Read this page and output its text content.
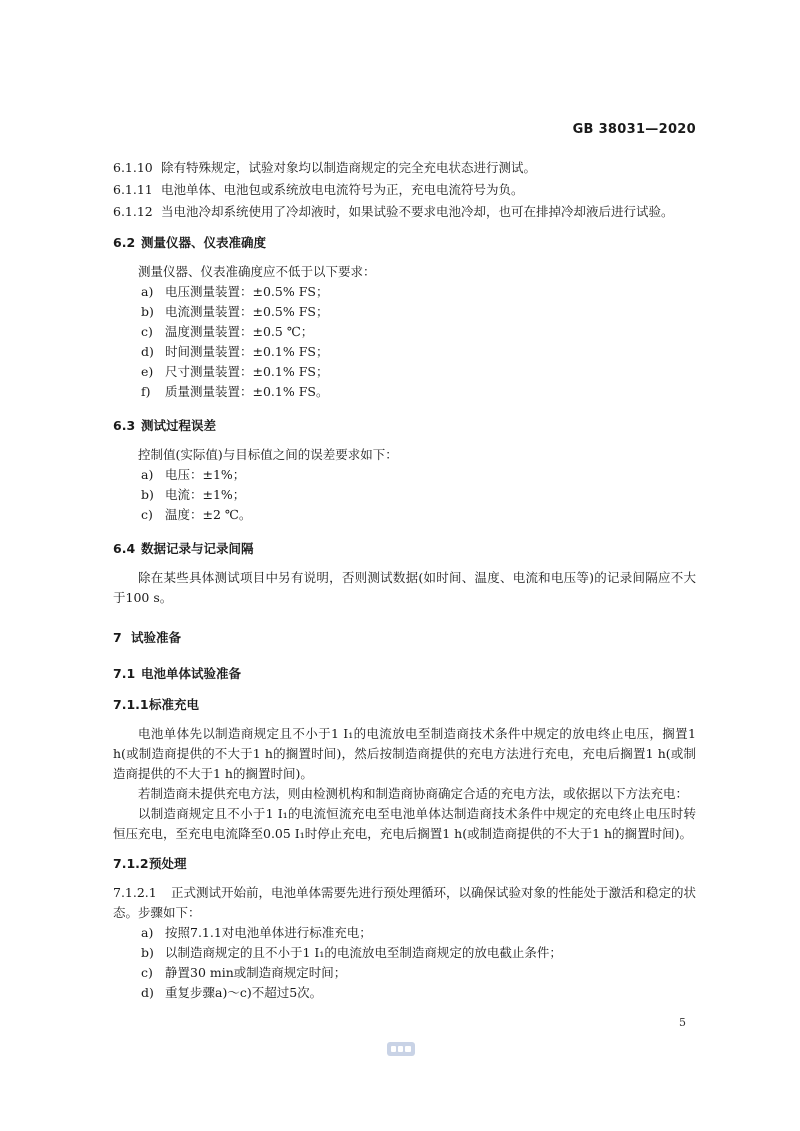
GB 38031—2020
6.1.10 除有特殊规定，试验对象均以制造商规定的完全充电状态进行测试。
6.1.11 电池单体、电池包或系统放电电流符号为正，充电电流符号为负。
6.1.12 当电池冷却系统使用了冷却液时，如果试验不要求电池冷却，也可在排掉冷却液后进行试验。
6.2 测量仪器、仪表准确度

测量仪器、仪表准确度应不低于以下要求：

a) 电压测量装置：±0.5% FS；
b) 电流测量装置：±0.5% FS；
c) 温度测量装置：±0.5 ℃；
d) 时间测量装置：±0.1% FS；
e) 尺寸测量装置：±0.1% FS；
f)	质量测量装置：±0.1% FS。
6.3 测试过程误差

控制值(实际值)与目标值之间的误差要求如下：

a) 电压：±1%；
b) 电流：±1%；
c) 温度：±2 ℃。
6.4 数据记录与记录间隔

除在某些具体测试项目中另有说明，否则测试数据(如时间、温度、电流和电压等)的记录间隔应不大于100 s。

7 试验准备
7.1 电池单体试验准备
7.1.1标准充电

电池单体先以制造商规定且不小于1 I₁的电流放电至制造商技术条件中规定的放电终止电压，搁置1 h(或制造商提供的不大于1 h的搁置时间)，然后按制造商提供的充电方法进行充电，充电后搁置1 h(或制造商提供的不大于1 h的搁置时间)。

若制造商未提供充电方法，则由检测机构和制造商协商确定合适的充电方法，或依据以下方法充电：

以制造商规定且不小于1 I₁的电流恒流充电至电池单体达制造商技术条件中规定的充电终止电压时转恒压充电，至充电电流降至0.05 I₁时停止充电，充电后搁置1 h(或制造商提供的不大于1 h的搁置时间)。

7.1.2预处理

7.1.2.1 正式测试开始前，电池单体需要先进行预处理循环，以确保试验对象的性能处于激活和稳定的状态。步骤如下：

a) 按照7.1.1对电池单体进行标准充电；
b) 以制造商规定的且不小于1 I₁的电流放电至制造商规定的放电截止条件；
c) 静置30 min或制造商规定时间；
d) 重复步骤a)～c)不超过5次。
5
